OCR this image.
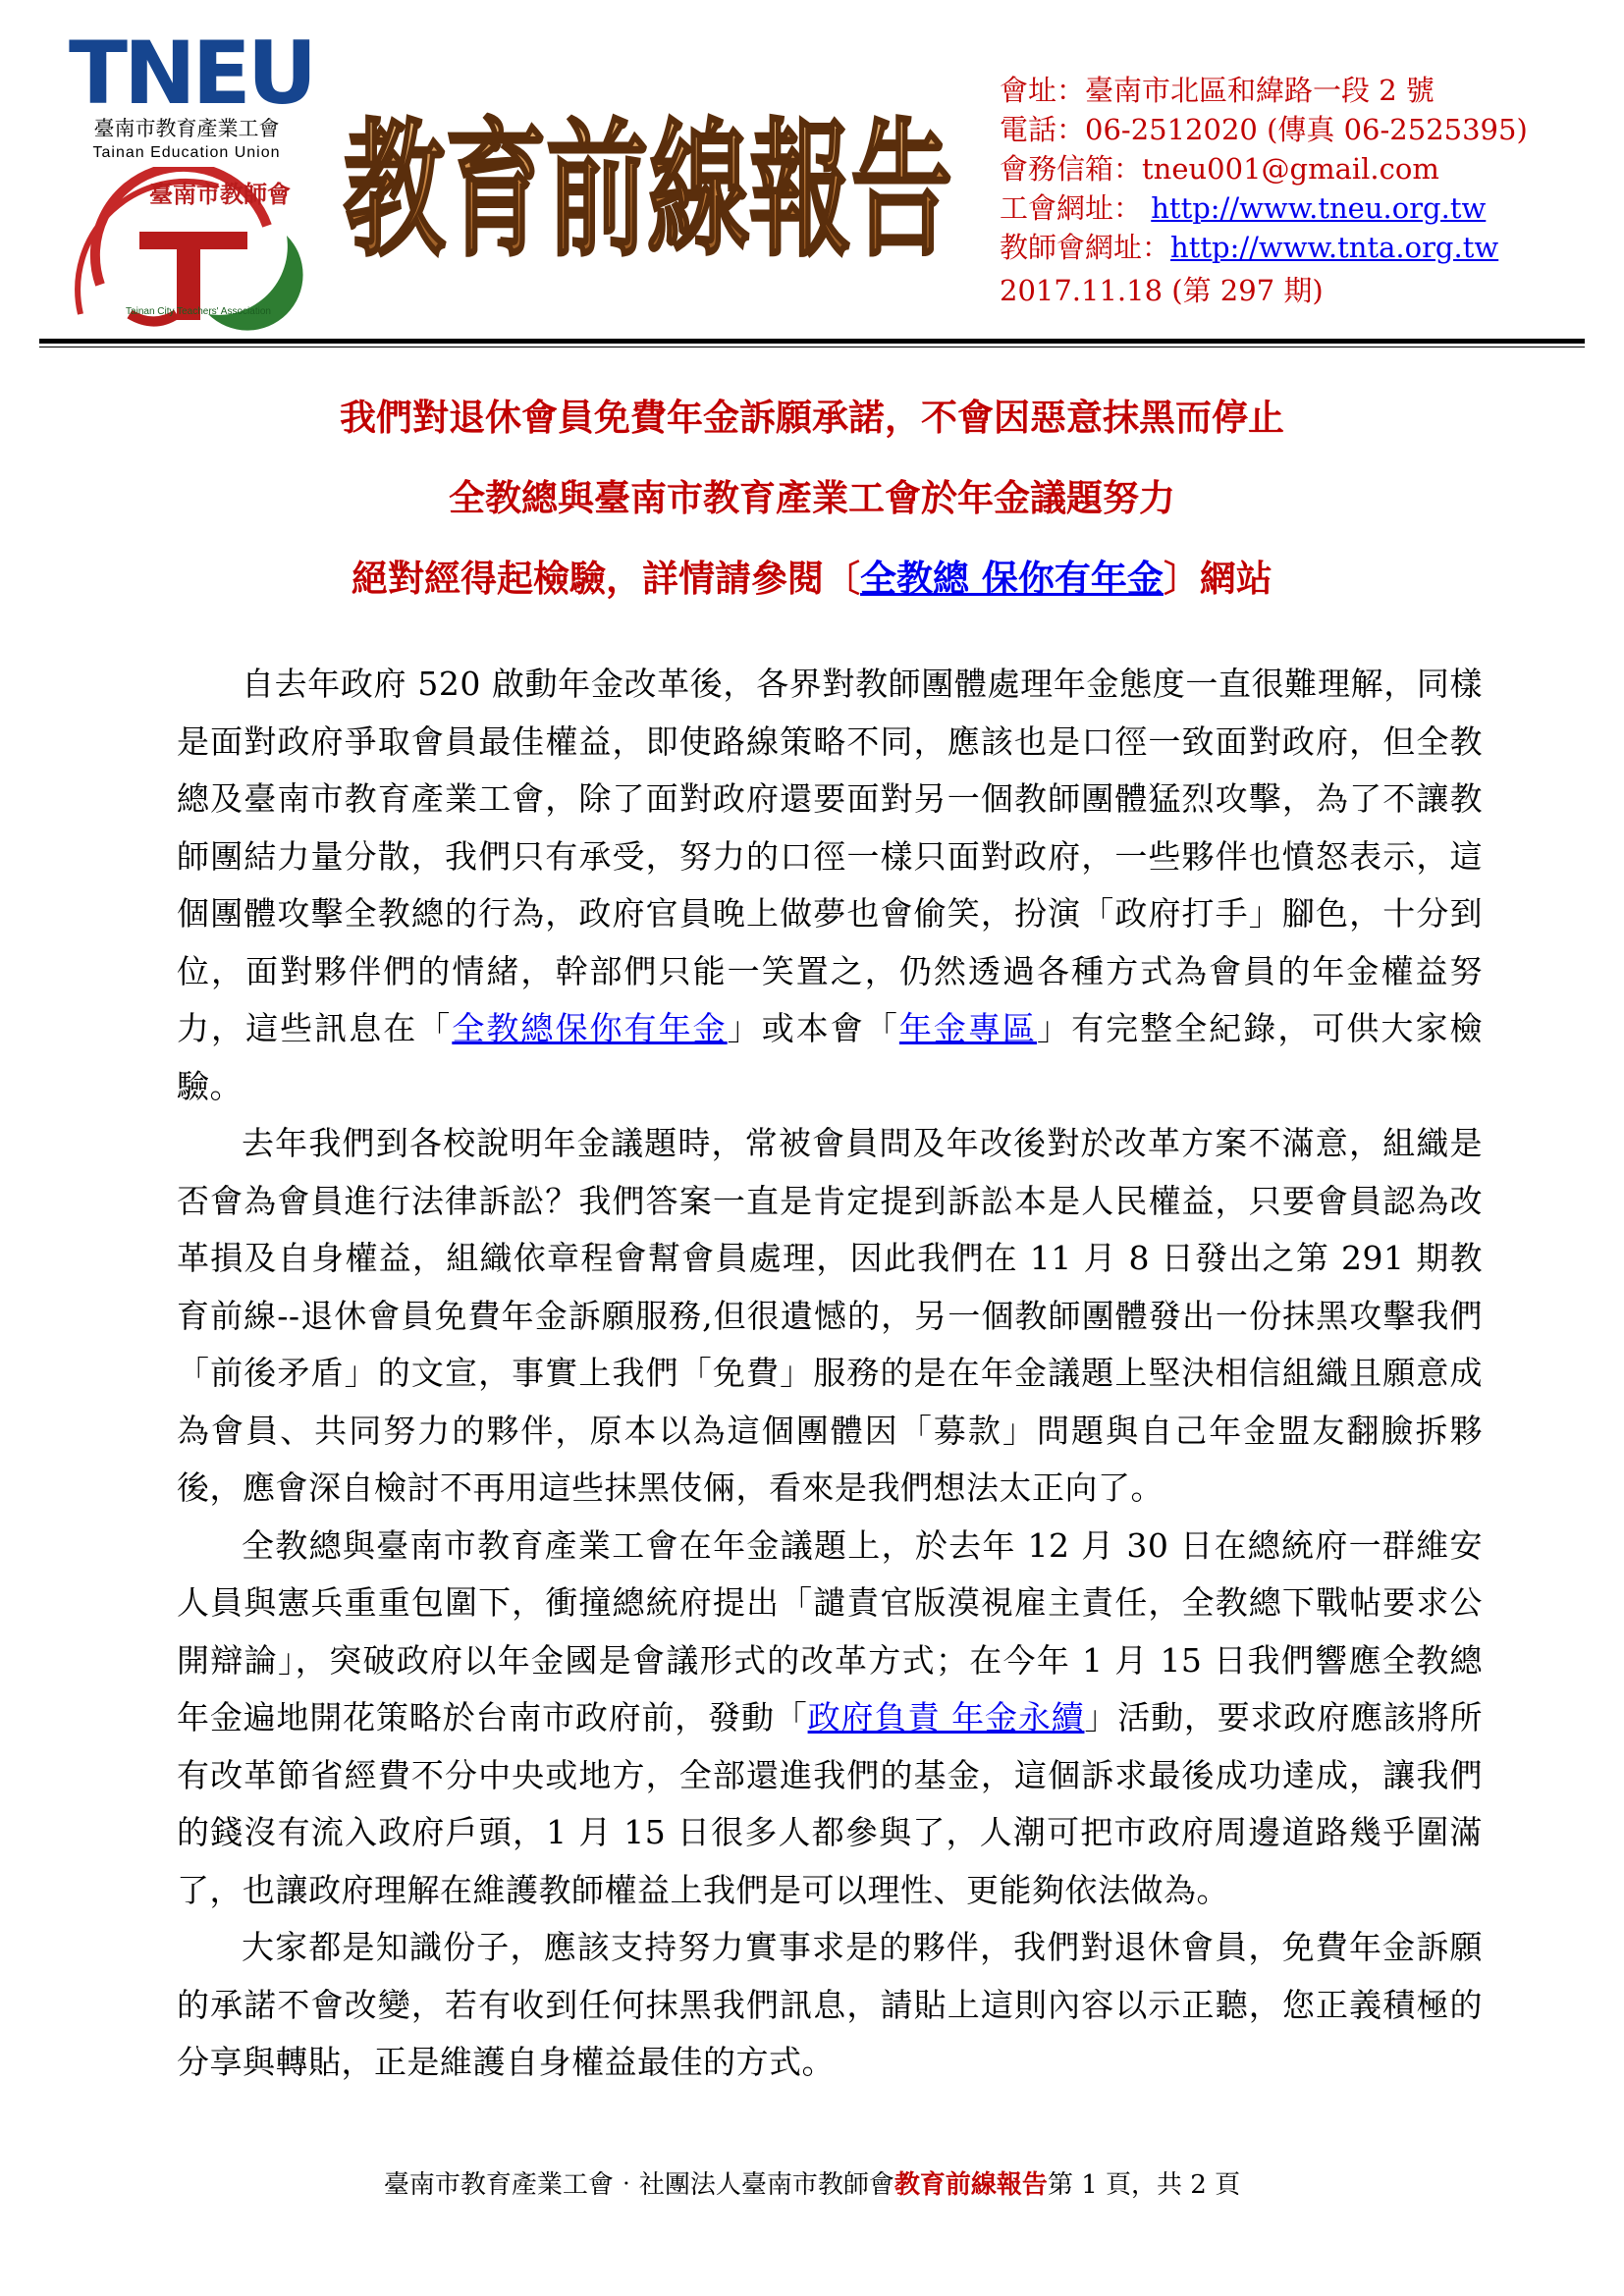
TNEU
臺南市教育產業工會
Tainan Education Union
臺南市教師會
Tainan City Teachers' Association
教育前線報告
會址：臺南市北區和緯路一段 2 號
電話：06-2512020 (傳真 06-2525395)
會務信箱：tneu001@gmail.com
工會網址： http://www.tneu.org.tw
教師會網址：http://www.tnta.org.tw
2017.11.18 (第 297 期)
我們對退休會員免費年金訴願承諾，不會因惡意抹黑而停止
全教總與臺南市教育產業工會於年金議題努力
絕對經得起檢驗，詳情請參閱〔全教總 保你有年金〕網站

自去年政府 520 啟動年金改革後，各界對教師團體處理年金態度一直很難理解，同樣是面對政府爭取會員最佳權益，即使路線策略不同，應該也是口徑一致面對政府，但全教總及臺南市教育產業工會，除了面對政府還要面對另一個教師團體猛烈攻擊，為了不讓教師團結力量分散，我們只有承受，努力的口徑一樣只面對政府，一些夥伴也憤怒表示，這個團體攻擊全教總的行為，政府官員晚上做夢也會偷笑，扮演「政府打手」腳色，十分到位，面對夥伴們的情緒，幹部們只能一笑置之，仍然透過各種方式為會員的年金權益努力，這些訊息在「全教總保你有年金」或本會「年金專區」有完整全紀錄，可供大家檢驗。

去年我們到各校說明年金議題時，常被會員問及年改後對於改革方案不滿意，組織是否會為會員進行法律訴訟？我們答案一直是肯定提到訴訟本是人民權益，只要會員認為改革損及自身權益，組織依章程會幫會員處理，因此我們在 11 月 8 日發出之第 291 期教育前線--退休會員免費年金訴願服務,但很遺憾的，另一個教師團體發出一份抹黑攻擊我們「前後矛盾」的文宣，事實上我們「免費」服務的是在年金議題上堅決相信組織且願意成為會員、共同努力的夥伴，原本以為這個團體因「募款」問題與自己年金盟友翻臉拆夥後，應會深自檢討不再用這些抹黑伎倆，看來是我們想法太正向了。

全教總與臺南市教育產業工會在年金議題上，於去年 12 月 30 日在總統府一群維安人員與憲兵重重包圍下，衝撞總統府提出「譴責官版漠視雇主責任，全教總下戰帖要求公開辯論」，突破政府以年金國是會議形式的改革方式；在今年 1 月 15 日我們響應全教總年金遍地開花策略於台南市政府前，發動「政府負責 年金永續」活動，要求政府應該將所有改革節省經費不分中央或地方，全部還進我們的基金，這個訴求最後成功達成，讓我們的錢沒有流入政府戶頭，1 月 15 日很多人都參與了，人潮可把市政府周邊道路幾乎圍滿了，也讓政府理解在維護教師權益上我們是可以理性、更能夠依法做為。

大家都是知識份子，應該支持努力實事求是的夥伴，我們對退休會員，免費年金訴願的承諾不會改變，若有收到任何抹黑我們訊息，請貼上這則內容以示正聽，您正義積極的分享與轉貼，正是維護自身權益最佳的方式。

臺南市教育產業工會‧社團法人臺南市教師會教育前線報告第 1 頁，共 2 頁
